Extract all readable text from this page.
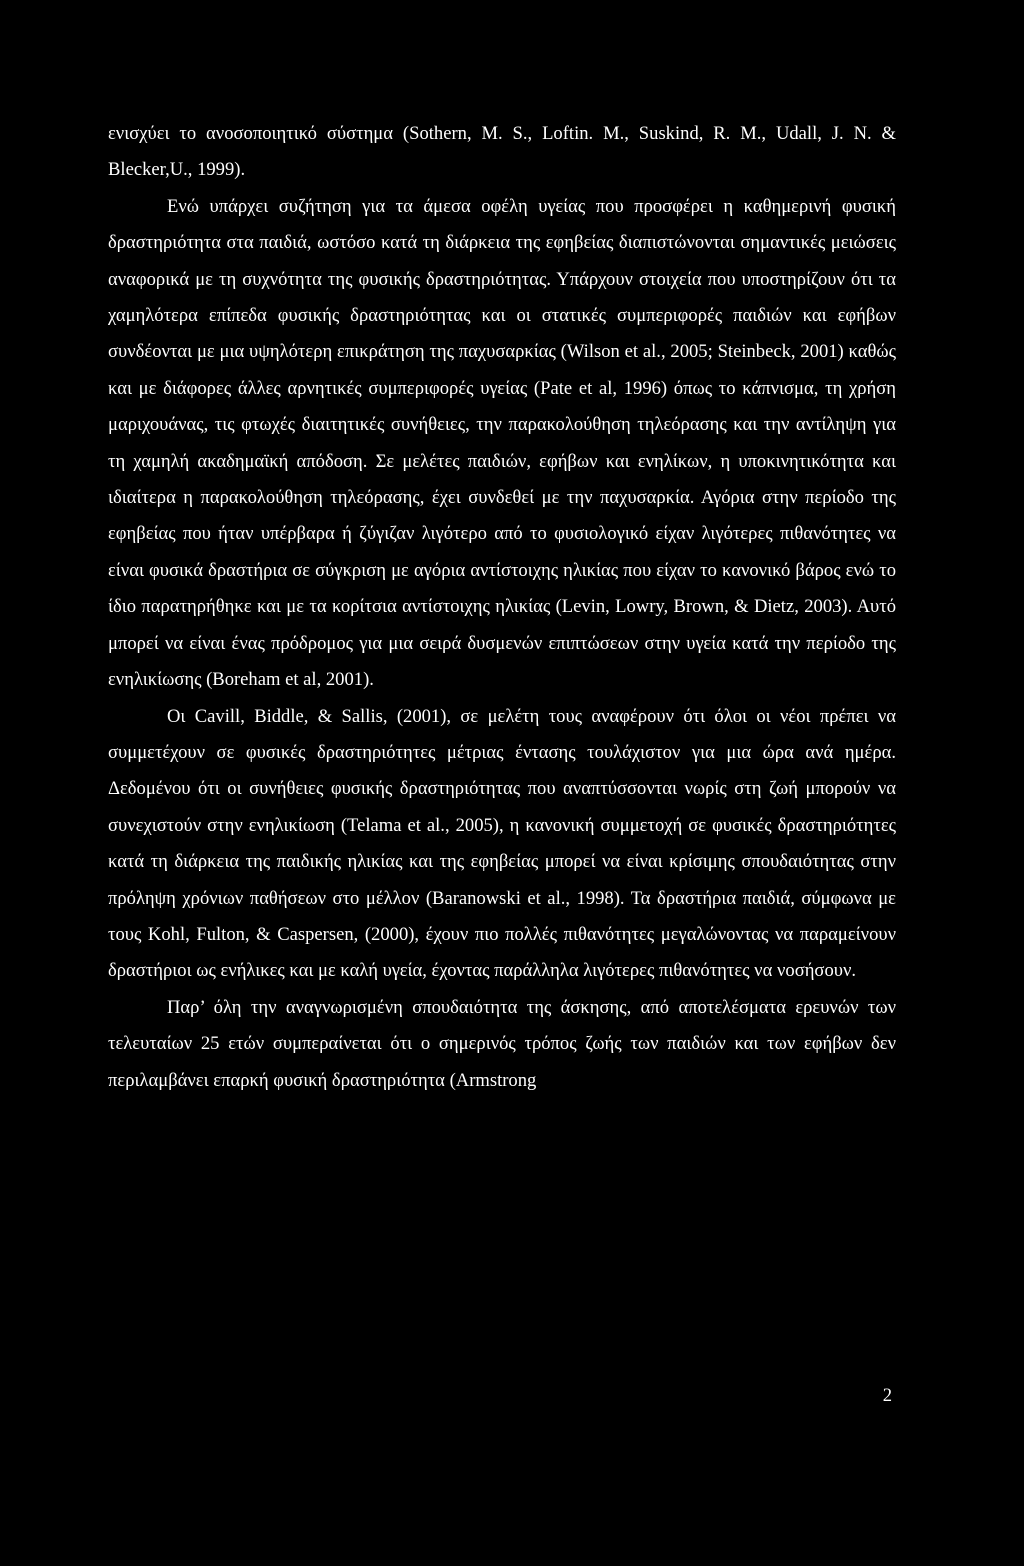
ενισχύει το ανοσοποιητικό σύστημα (Sothern, M. S., Loftin. M., Suskind, R. M., Udall, J. N. & Blecker,U., 1999).

Ενώ υπάρχει συζήτηση για τα άμεσα οφέλη υγείας που προσφέρει η καθημερινή φυσική δραστηριότητα στα παιδιά, ωστόσο κατά τη διάρκεια της εφηβείας διαπιστώνονται σημαντικές μειώσεις αναφορικά με τη συχνότητα της φυσικής δραστηριότητας. Υπάρχουν στοιχεία που υποστηρίζουν ότι τα χαμηλότερα επίπεδα φυσικής δραστηριότητας και οι στατικές συμπεριφορές παιδιών και εφήβων συνδέονται με μια υψηλότερη επικράτηση της παχυσαρκίας (Wilson et al., 2005; Steinbeck, 2001) καθώς και με διάφορες άλλες αρνητικές συμπεριφορές υγείας (Pate et al, 1996) όπως το κάπνισμα, τη χρήση μαριχουάνας, τις φτωχές διαιτητικές συνήθειες, την παρακολούθηση τηλεόρασης και την αντίληψη για τη χαμηλή ακαδημαϊκή απόδοση. Σε μελέτες παιδιών, εφήβων και ενηλίκων, η υποκινητικότητα και ιδιαίτερα η παρακολούθηση τηλεόρασης, έχει συνδεθεί με την παχυσαρκία. Αγόρια στην περίοδο της εφηβείας που ήταν υπέρβαρα ή ζύγιζαν λιγότερο από το φυσιολογικό είχαν λιγότερες πιθανότητες να είναι φυσικά δραστήρια σε σύγκριση με αγόρια αντίστοιχης ηλικίας που είχαν το κανονικό βάρος ενώ το ίδιο παρατηρήθηκε και με τα κορίτσια αντίστοιχης ηλικίας (Levin, Lowry, Brown, & Dietz, 2003). Αυτό μπορεί να είναι ένας πρόδρομος για μια σειρά δυσμενών επιπτώσεων στην υγεία κατά την περίοδο της ενηλικίωσης (Boreham et al, 2001).

Οι Cavill, Biddle, & Sallis, (2001), σε μελέτη τους αναφέρουν ότι όλοι οι νέοι πρέπει να συμμετέχουν σε φυσικές δραστηριότητες μέτριας έντασης τουλάχιστον για μια ώρα ανά ημέρα. Δεδομένου ότι οι συνήθειες φυσικής δραστηριότητας που αναπτύσσονται νωρίς στη ζωή μπορούν να συνεχιστούν στην ενηλικίωση (Telama et al., 2005), η κανονική συμμετοχή σε φυσικές δραστηριότητες κατά τη διάρκεια της παιδικής ηλικίας και της εφηβείας μπορεί να είναι κρίσιμης σπουδαιότητας στην πρόληψη χρόνιων παθήσεων στο μέλλον (Baranowski et al., 1998). Τα δραστήρια παιδιά, σύμφωνα με τους Kohl, Fulton, & Caspersen, (2000), έχουν πιο πολλές πιθανότητες μεγαλώνοντας να παραμείνουν δραστήριοι ως ενήλικες και με καλή υγεία, έχοντας παράλληλα λιγότερες πιθανότητες να νοσήσουν.

Παρ’ όλη την αναγνωρισμένη σπουδαιότητα της άσκησης, από αποτελέσματα ερευνών των τελευταίων 25 ετών συμπεραίνεται ότι ο σημερινός τρόπος ζωής των παιδιών και των εφήβων δεν περιλαμβάνει επαρκή φυσική δραστηριότητα (Armstrong

2
